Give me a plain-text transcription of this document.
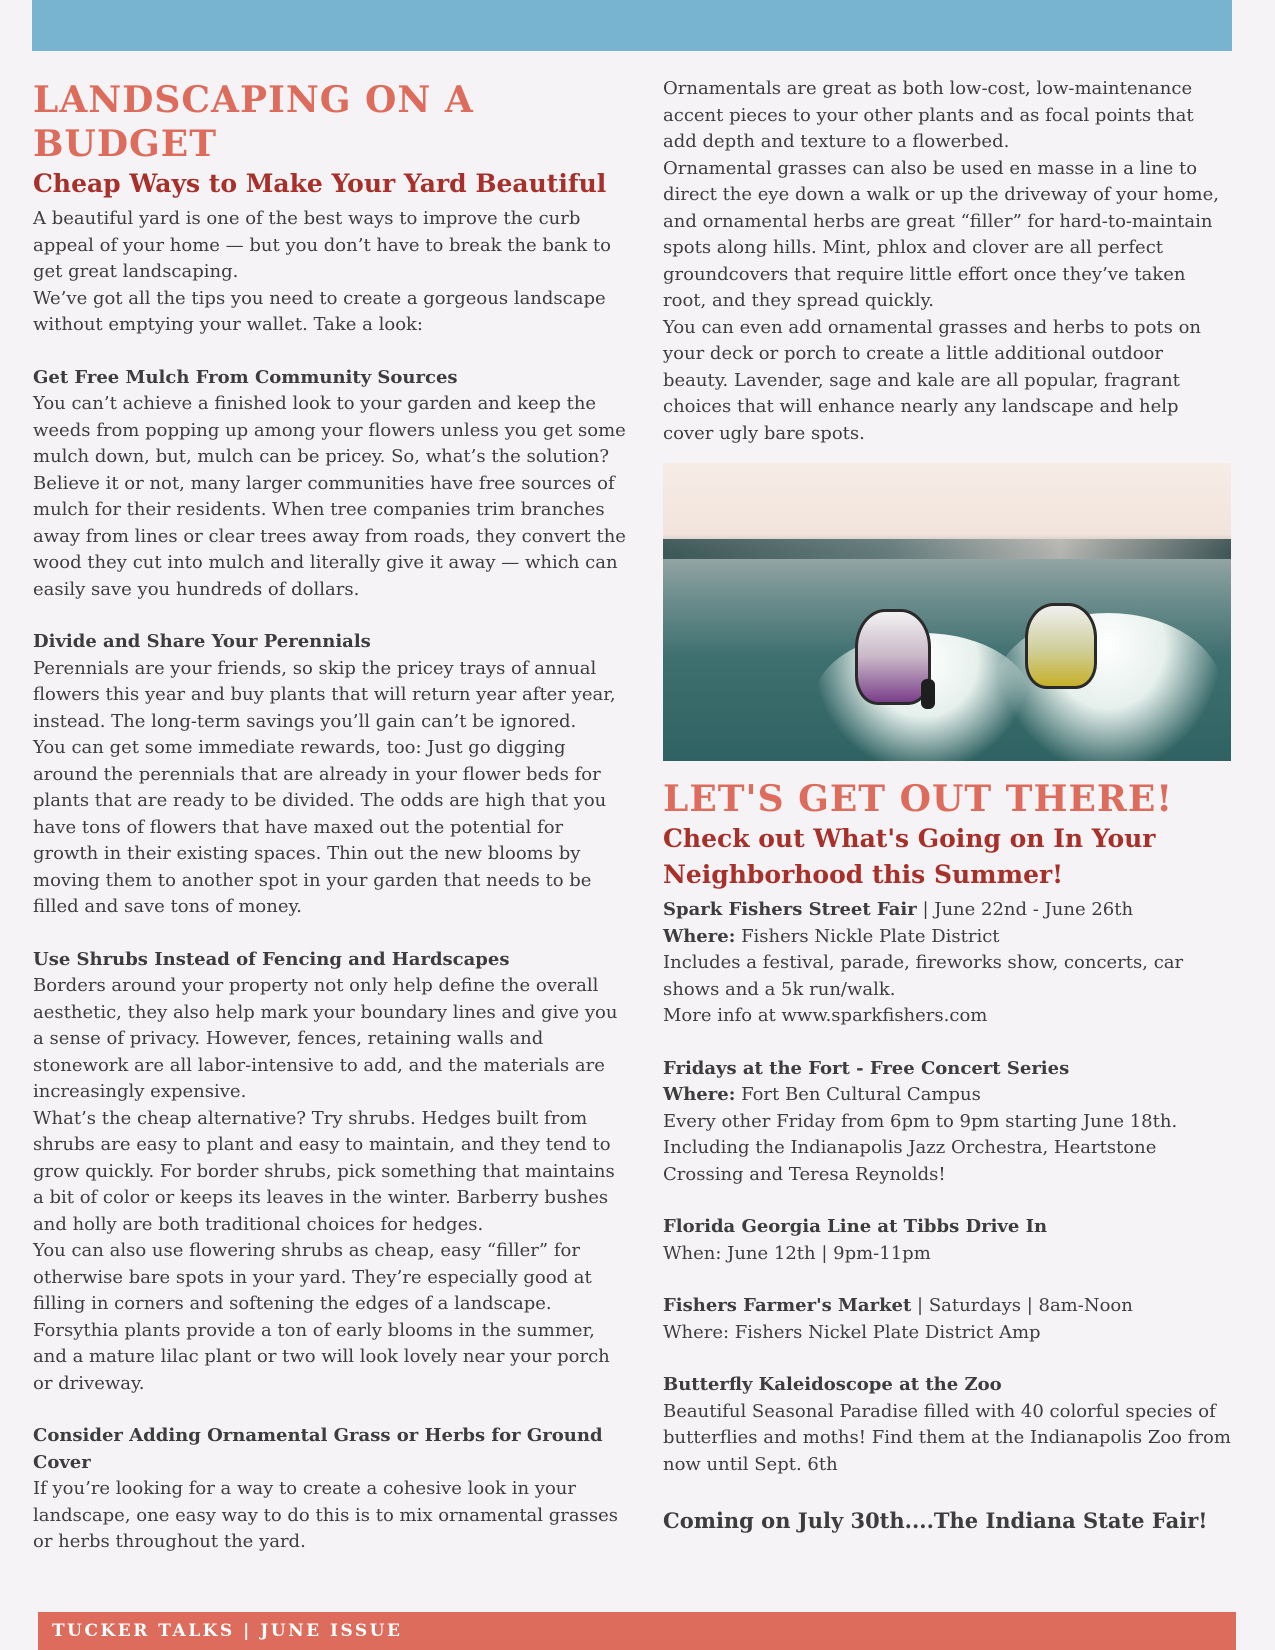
LANDSCAPING ON A BUDGET
Cheap Ways to Make Your Yard Beautiful

A beautiful yard is one of the best ways to improve the curb appeal of your home — but you don’t have to break the bank to get great landscaping.

We’ve got all the tips you need to create a gorgeous landscape without emptying your wallet. Take a look:

Get Free Mulch From Community Sources

You can’t achieve a finished look to your garden and keep the weeds from popping up among your flowers unless you get some mulch down, but, mulch can be pricey. So, what’s the solution? Believe it or not, many larger communities have free sources of mulch for their residents. When tree companies trim branches away from lines or clear trees away from roads, they convert the wood they cut into mulch and literally give it away — which can easily save you hundreds of dollars.

Divide and Share Your Perennials

Perennials are your friends, so skip the pricey trays of annual flowers this year and buy plants that will return year after year, instead. The long-term savings you’ll gain can’t be ignored.

You can get some immediate rewards, too: Just go digging around the perennials that are already in your flower beds for plants that are ready to be divided. The odds are high that you have tons of flowers that have maxed out the potential for growth in their existing spaces. Thin out the new blooms by moving them to another spot in your garden that needs to be filled and save tons of money.

Use Shrubs Instead of Fencing and Hardscapes

Borders around your property not only help define the overall aesthetic, they also help mark your boundary lines and give you a sense of privacy. However, fences, retaining walls and stonework are all labor-intensive to add, and the materials are increasingly expensive.

What’s the cheap alternative? Try shrubs. Hedges built from shrubs are easy to plant and easy to maintain, and they tend to grow quickly. For border shrubs, pick something that maintains a bit of color or keeps its leaves in the winter. Barberry bushes and holly are both traditional choices for hedges.

You can also use flowering shrubs as cheap, easy “filler” for otherwise bare spots in your yard. They’re especially good at filling in corners and softening the edges of a landscape. Forsythia plants provide a ton of early blooms in the summer, and a mature lilac plant or two will look lovely near your porch or driveway.

Consider Adding Ornamental Grass or Herbs for Ground Cover

If you’re looking for a way to create a cohesive look in your landscape, one easy way to do this is to mix ornamental grasses or herbs throughout the yard.

Ornamentals are great as both low-cost, low-maintenance accent pieces to your other plants and as focal points that add depth and texture to a flowerbed.

Ornamental grasses can also be used en masse in a line to direct the eye down a walk or up the driveway of your home, and ornamental herbs are great “filler” for hard-to-maintain spots along hills. Mint, phlox and clover are all perfect groundcovers that require little effort once they’ve taken root, and they spread quickly.

You can even add ornamental grasses and herbs to pots on your deck or porch to create a little additional outdoor beauty. Lavender, sage and kale are all popular, fragrant choices that will enhance nearly any landscape and help cover ugly bare spots.

LET'S GET OUT THERE!
Check out What's Going on In Your Neighborhood this Summer!

Spark Fishers Street Fair | June 22nd - June 26th

Where: Fishers Nickle Plate District

Includes a festival, parade, fireworks show, concerts, car shows and a 5k run/walk.

More info at www.sparkfishers.com

Fridays at the Fort - Free Concert Series

Where: Fort Ben Cultural Campus

Every other Friday from 6pm to 9pm starting June 18th. Including the Indianapolis Jazz Orchestra, Heartstone Crossing and Teresa Reynolds!

Florida Georgia Line at Tibbs Drive In

When: June 12th | 9pm-11pm

Fishers Farmer's Market | Saturdays | 8am-Noon

Where: Fishers Nickel Plate District Amp

Butterfly Kaleidoscope at the Zoo

Beautiful Seasonal Paradise filled with 40 colorful species of butterflies and moths! Find them at the Indianapolis Zoo from now until Sept. 6th

Coming on July 30th....The Indiana State Fair!
TUCKER TALKS | JUNE ISSUE
